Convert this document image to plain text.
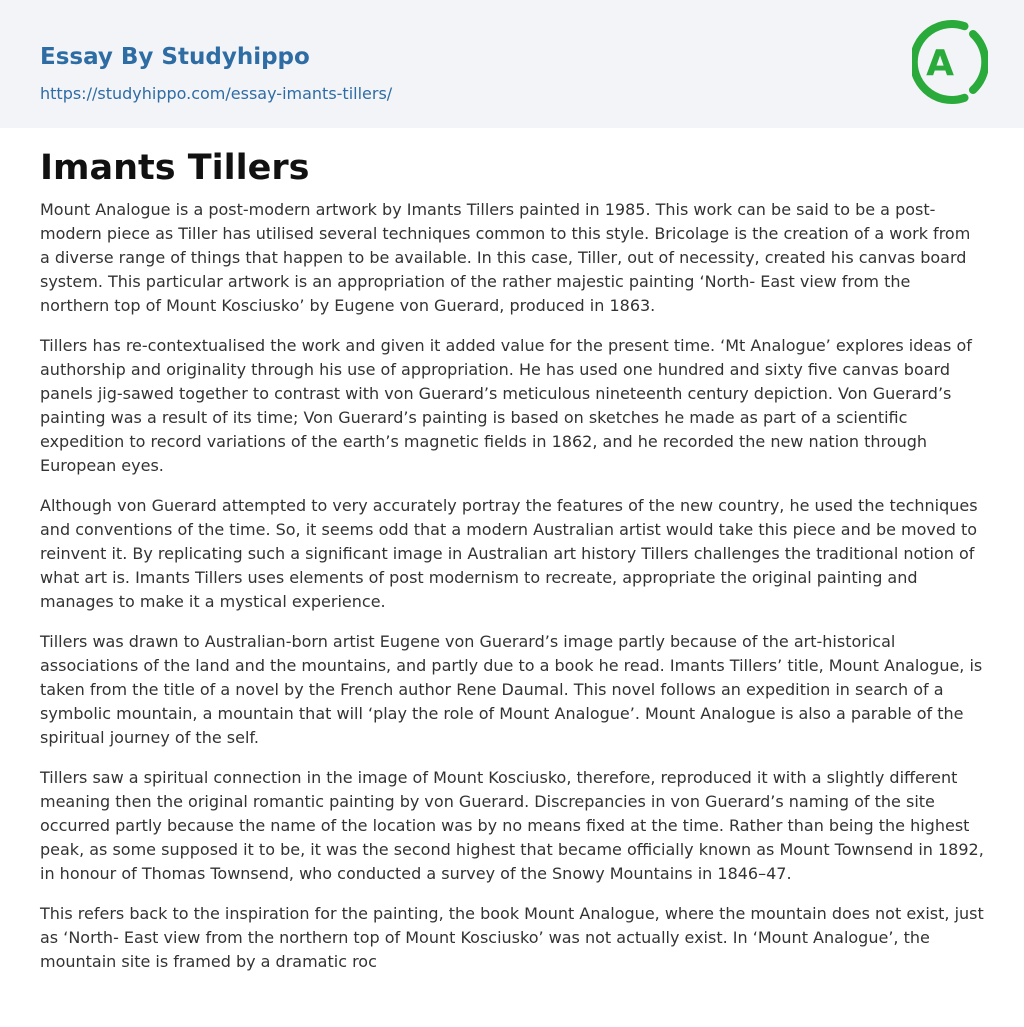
Essay By Studyhippo
https://studyhippo.com/essay-imants-tillers/
A
Imants Tillers

Mount Analogue is a post-modern artwork by Imants Tillers painted in 1985. This work can be said to be a post-modern piece as Tiller has utilised several techniques common to this style. Bricolage is the creation of a work from a diverse range of things that happen to be available. In this case, Tiller, out of necessity, created his canvas board system. This particular artwork is an appropriation of the rather majestic painting ‘North- East view from the northern top of Mount Kosciusko’ by Eugene von Guerard, produced in 1863.

Tillers has re-contextualised the work and given it added value for the present time. ‘Mt Analogue’ explores ideas of authorship and originality through his use of appropriation. He has used one hundred and sixty five canvas board panels jig-sawed together to contrast with von Guerard’s meticulous nineteenth century depiction. Von Guerard’s painting was a result of its time; Von Guerard’s painting is based on sketches he made as part of a scientific expedition to record variations of the earth’s magnetic fields in 1862, and he recorded the new nation through European eyes.

Although von Guerard attempted to very accurately portray the features of the new country, he used the techniques and conventions of the time. So, it seems odd that a modern Australian artist would take this piece and be moved to reinvent it. By replicating such a significant image in Australian art history Tillers challenges the traditional notion of what art is. Imants Tillers uses elements of post modernism to recreate, appropriate the original painting and manages to make it a mystical experience.

Tillers was drawn to Australian-born artist Eugene von Guerard’s image partly because of the art-historical associations of the land and the mountains, and partly due to a book he read. Imants Tillers’ title, Mount Analogue, is taken from the title of a novel by the French author Rene Daumal. This novel follows an expedition in search of a symbolic mountain, a mountain that will ‘play the role of Mount Analogue’. Mount Analogue is also a parable of the spiritual journey of the self.

Tillers saw a spiritual connection in the image of Mount Kosciusko, therefore, reproduced it with a slightly different meaning then the original romantic painting by von Guerard. Discrepancies in von Guerard’s naming of the site occurred partly because the name of the location was by no means fixed at the time. Rather than being the highest peak, as some supposed it to be, it was the second highest that became officially known as Mount Townsend in 1892, in honour of Thomas Townsend, who conducted a survey of the Snowy Mountains in 1846–47.

This refers back to the inspiration for the painting, the book Mount Analogue, where the mountain does not exist, just as ‘North- East view from the northern top of Mount Kosciusko’ was not actually exist. In ‘Mount Analogue’, the mountain site is framed by a dramatic roc
